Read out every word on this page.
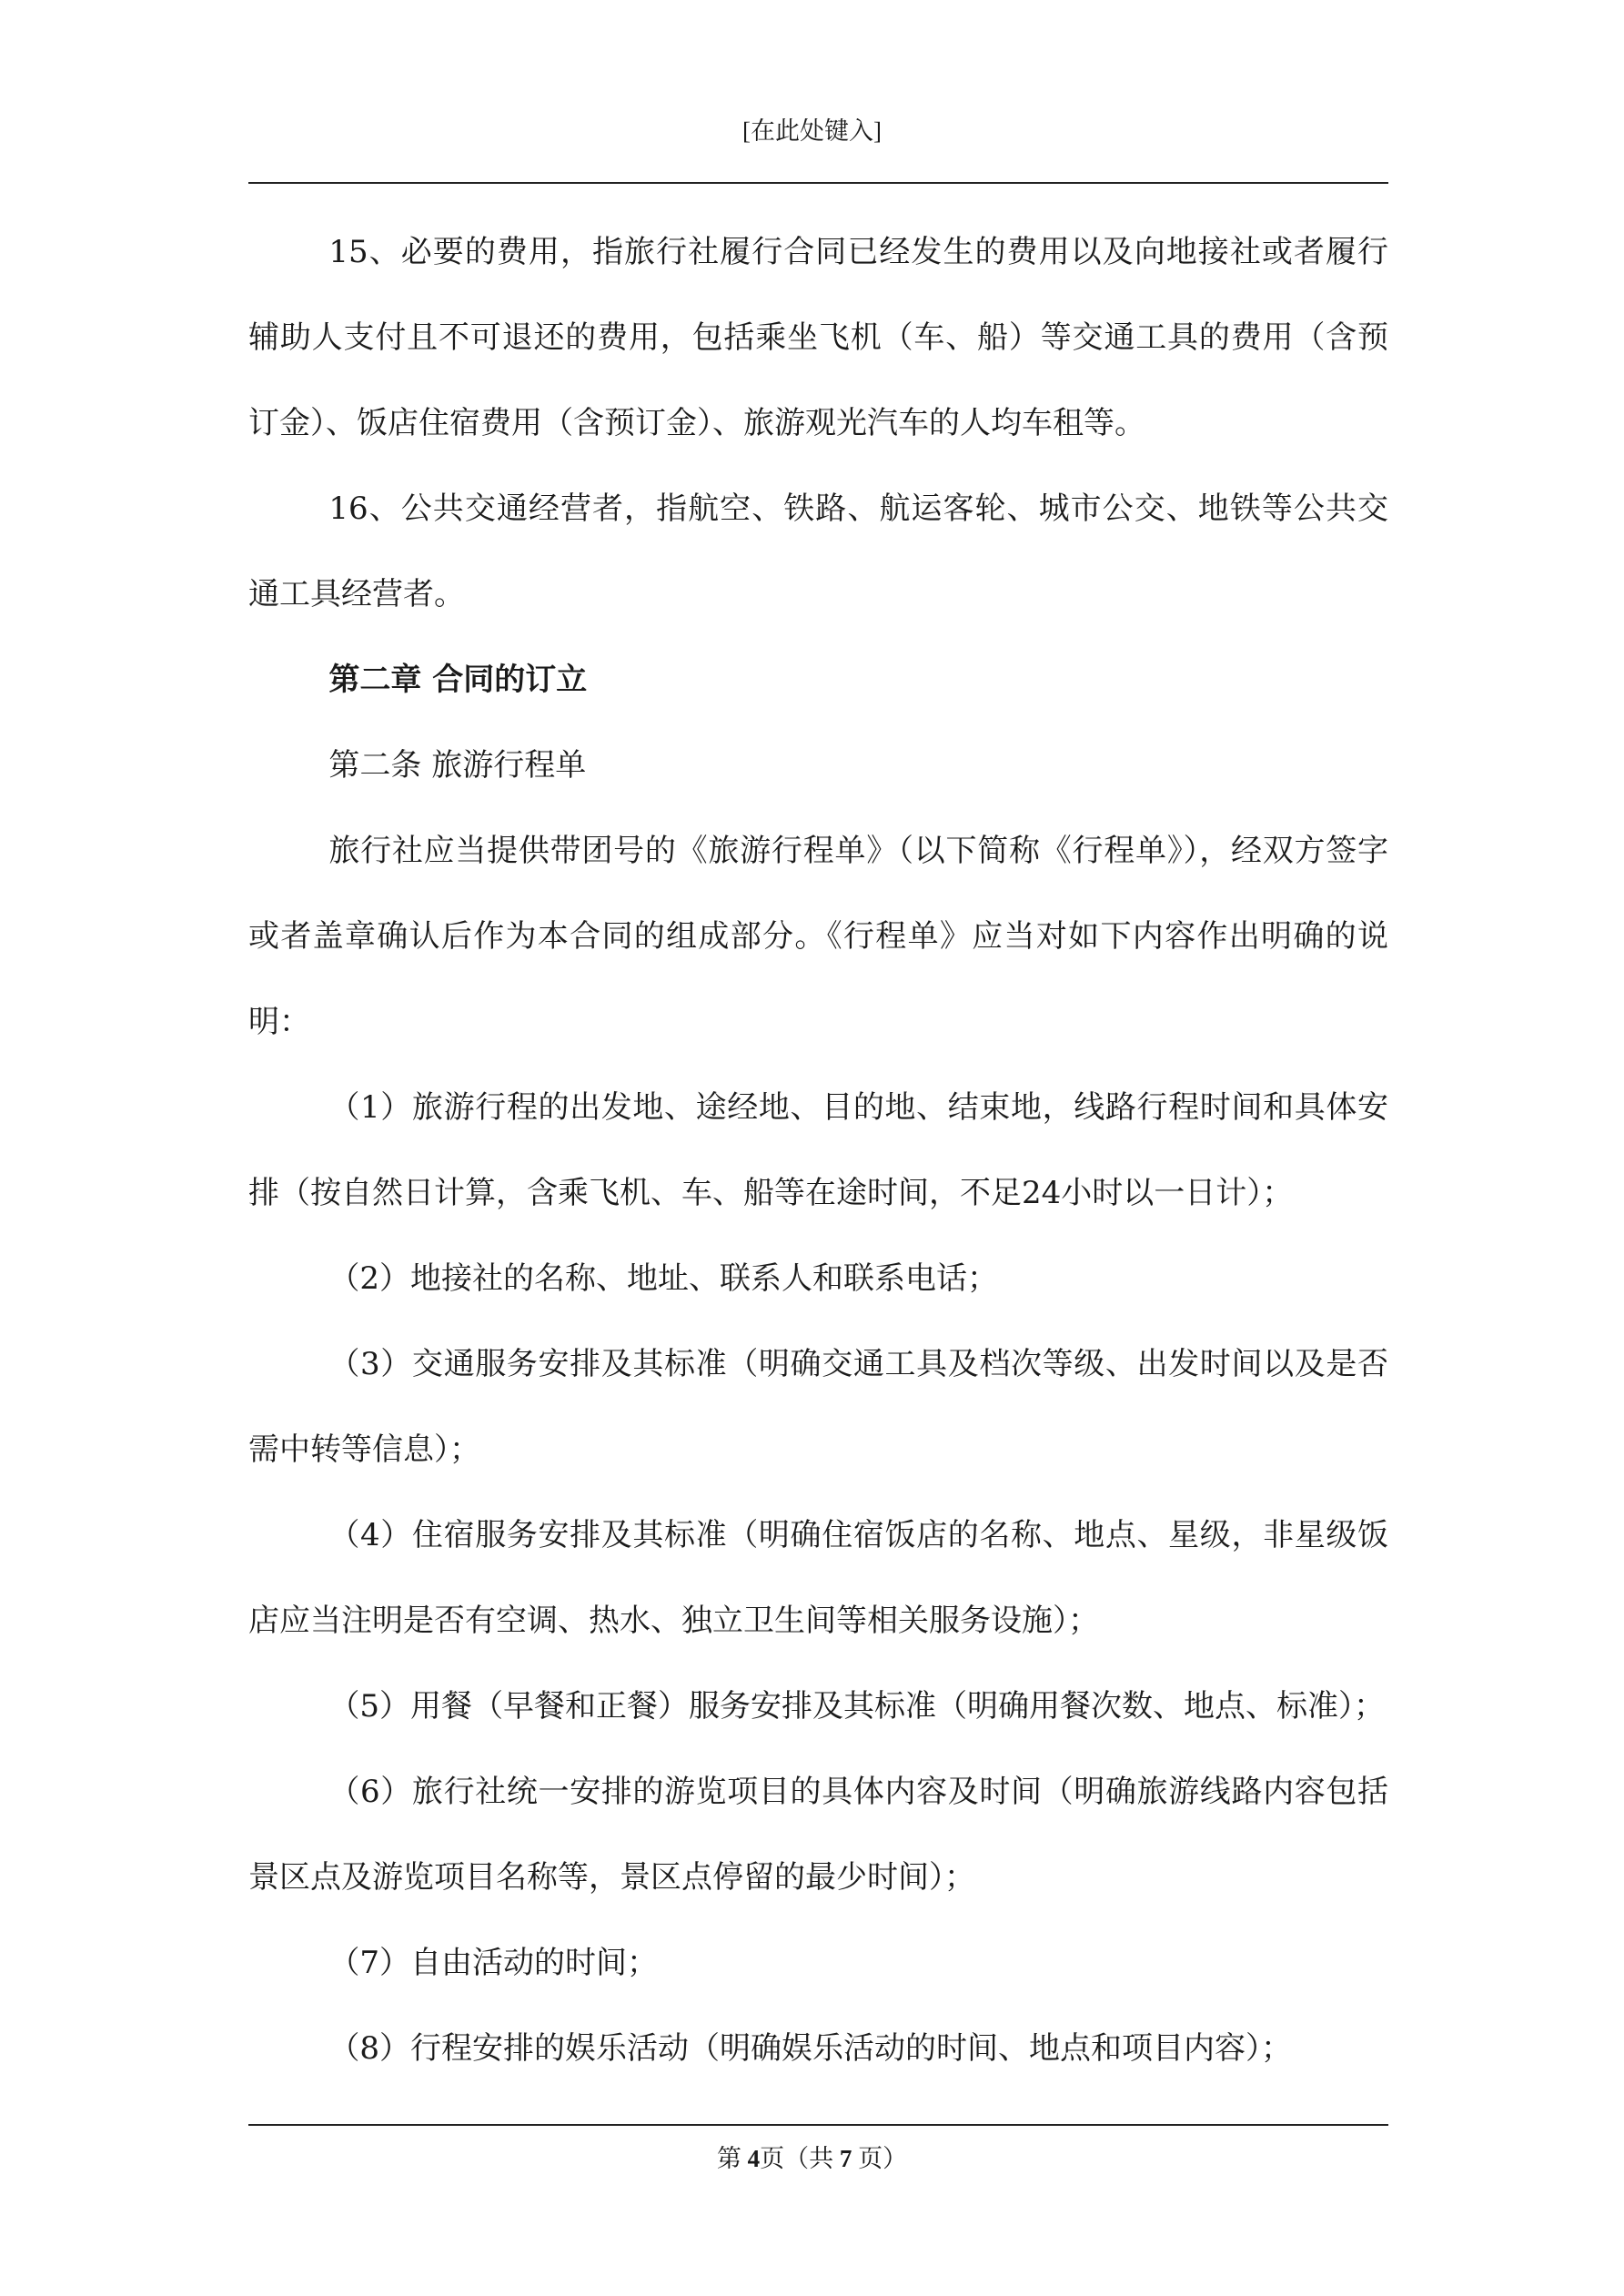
[在此处键入]

15、必要的费用，指旅行社履行合同已经发生的费用以及向地接社或者履行辅助人支付且不可退还的费用，包括乘坐飞机（车、船）等交通工具的费用（含预订金）、饭店住宿费用（含预订金）、旅游观光汽车的人均车租等。

16、公共交通经营者，指航空、铁路、航运客轮、城市公交、地铁等公共交通工具经营者。

第二章 合同的订立

第二条 旅游行程单

旅行社应当提供带团号的《旅游行程单》（以下简称《行程单》），经双方签字或者盖章确认后作为本合同的组成部分。《行程单》应当对如下内容作出明确的说明：

（1）旅游行程的出发地、途经地、目的地、结束地，线路行程时间和具体安排（按自然日计算，含乘飞机、车、船等在途时间，不足24小时以一日计）；

（2）地接社的名称、地址、联系人和联系电话；

（3）交通服务安排及其标准（明确交通工具及档次等级、出发时间以及是否需中转等信息）；

（4）住宿服务安排及其标准（明确住宿饭店的名称、地点、星级，非星级饭店应当注明是否有空调、热水、独立卫生间等相关服务设施）；

（5）用餐（早餐和正餐）服务安排及其标准（明确用餐次数、地点、标准）；

（6）旅行社统一安排的游览项目的具体内容及时间（明确旅游线路内容包括景区点及游览项目名称等，景区点停留的最少时间）；

（7）自由活动的时间；

（8）行程安排的娱乐活动（明确娱乐活动的时间、地点和项目内容）；

第 4页（共 7 页）
